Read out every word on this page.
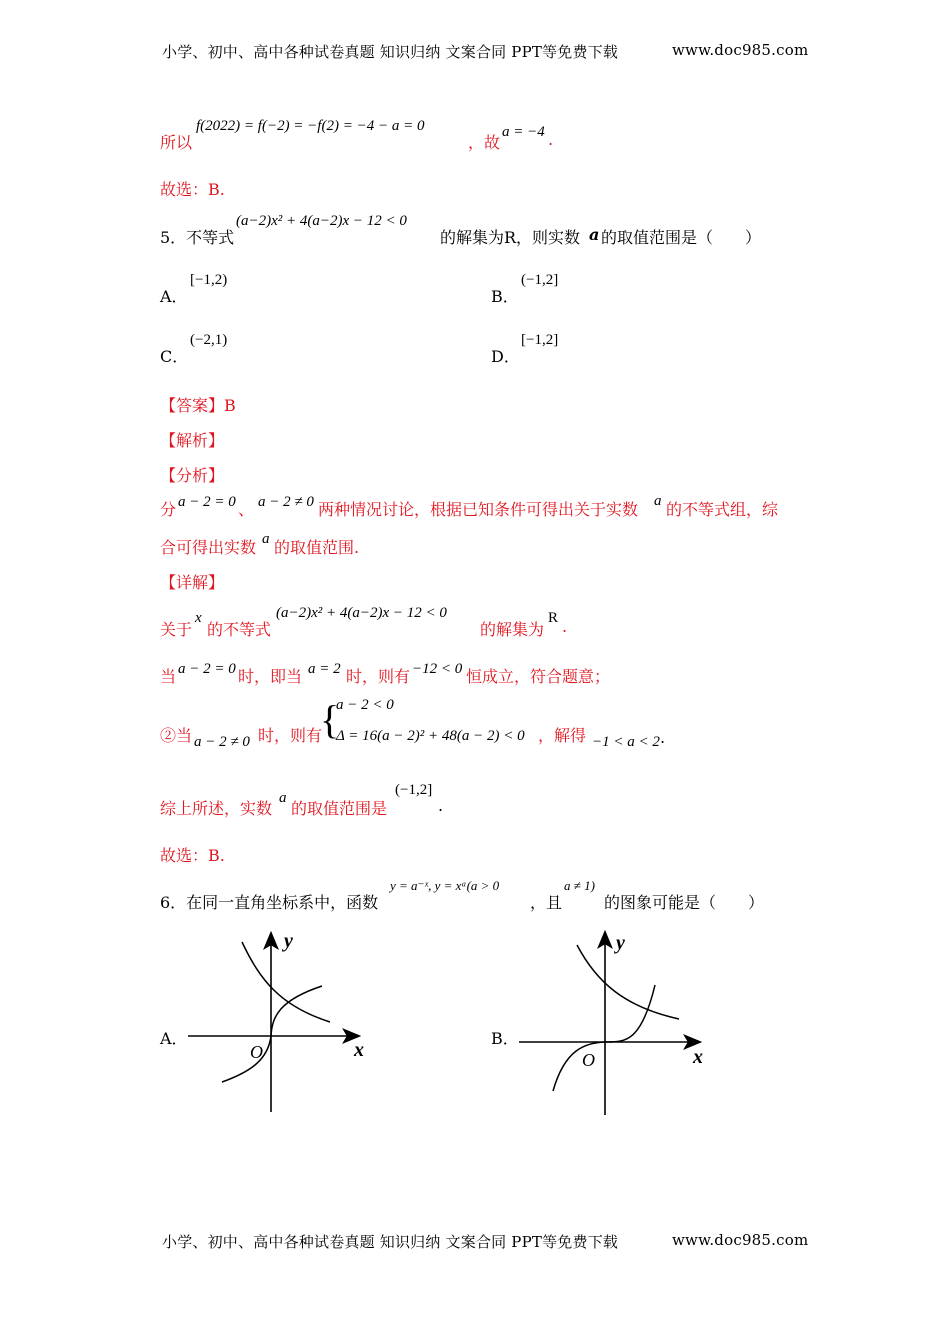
小学、初中、高中各种试卷真题 知识归纳 文案合同 PPT等免费下载	www.doc985.com
所以
f(2022) = f(−2) = −f(2) = −4 − a = 0
，故
a = −4 .
故选：B.
5．不等式
(a−2)x² + 4(a−2)x − 12 < 0
的解集为R，则实数 a 的取值范围是（　　）
A．
[−1,2)
B．
(−1,2]
C．
(−2,1)
D．
[−1,2]
【答案】B
【解析】
【分析】
分 a − 2 = 0 、 a − 2 ≠ 0 两种情况讨论，根据已知条件可得出关于实数 a 的不等式组，综
合可得出实数 a 的取值范围.
【详解】
关于
x
的不等式
(a−2)x² + 4(a−2)x − 12 < 0
的解集为
R .
当 a − 2 = 0 时，即当 a = 2 时，则有 −12 < 0 恒成立，符合题意；
②当 a − 2 ≠ 0 时，则有
{
a − 2 < 0
Δ = 16(a − 2)² + 48(a − 2) < 0 ，解得 −1 < a < 2 .
综上所述，实数
a
的取值范围是
(−1,2]
.
故选：B.
6．在同一直角坐标系中，函数
y = a⁻ˣ, y = xᵃ(a > 0
，且
a ≠ 1)
的图象可能是（　　）
A．
y
x
O
B．
y
x
O
小学、初中、高中各种试卷真题 知识归纳 文案合同 PPT等免费下载	www.doc985.com
